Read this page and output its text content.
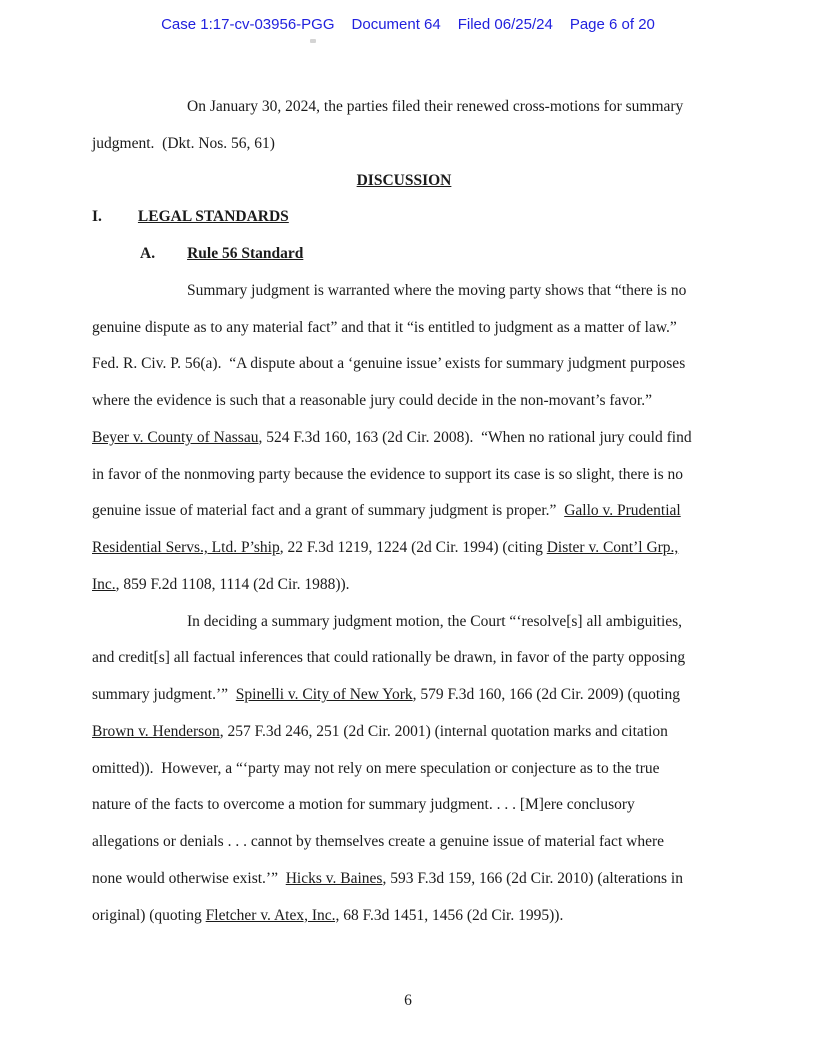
Case 1:17-cv-03956-PGG Document 64 Filed 06/25/24 Page 6 of 20
On January 30, 2024, the parties filed their renewed cross-motions for summary
judgment.  (Dkt. Nos. 56, 61)
DISCUSSION
I. LEGAL STANDARDS
A. Rule 56 Standard
Summary judgment is warranted where the moving party shows that “there is no
genuine dispute as to any material fact” and that it “is entitled to judgment as a matter of law.”
Fed. R. Civ. P. 56(a).  “A dispute about a ‘genuine issue’ exists for summary judgment purposes
where the evidence is such that a reasonable jury could decide in the non-movant’s favor.”
Beyer v. County of Nassau, 524 F.3d 160, 163 (2d Cir. 2008).  “When no rational jury could find
in favor of the nonmoving party because the evidence to support its case is so slight, there is no
genuine issue of material fact and a grant of summary judgment is proper.”  Gallo v. Prudential
Residential Servs., Ltd. P’ship, 22 F.3d 1219, 1224 (2d Cir. 1994) (citing Dister v. Cont’l Grp.,
Inc., 859 F.2d 1108, 1114 (2d Cir. 1988)).
In deciding a summary judgment motion, the Court “‘resolve[s] all ambiguities,
and credit[s] all factual inferences that could rationally be drawn, in favor of the party opposing
summary judgment.’”  Spinelli v. City of New York, 579 F.3d 160, 166 (2d Cir. 2009) (quoting
Brown v. Henderson, 257 F.3d 246, 251 (2d Cir. 2001) (internal quotation marks and citation
omitted)).  However, a “‘party may not rely on mere speculation or conjecture as to the true
nature of the facts to overcome a motion for summary judgment. . . . [M]ere conclusory
allegations or denials . . . cannot by themselves create a genuine issue of material fact where
none would otherwise exist.’”  Hicks v. Baines, 593 F.3d 159, 166 (2d Cir. 2010) (alterations in
original) (quoting Fletcher v. Atex, Inc., 68 F.3d 1451, 1456 (2d Cir. 1995)).
6
